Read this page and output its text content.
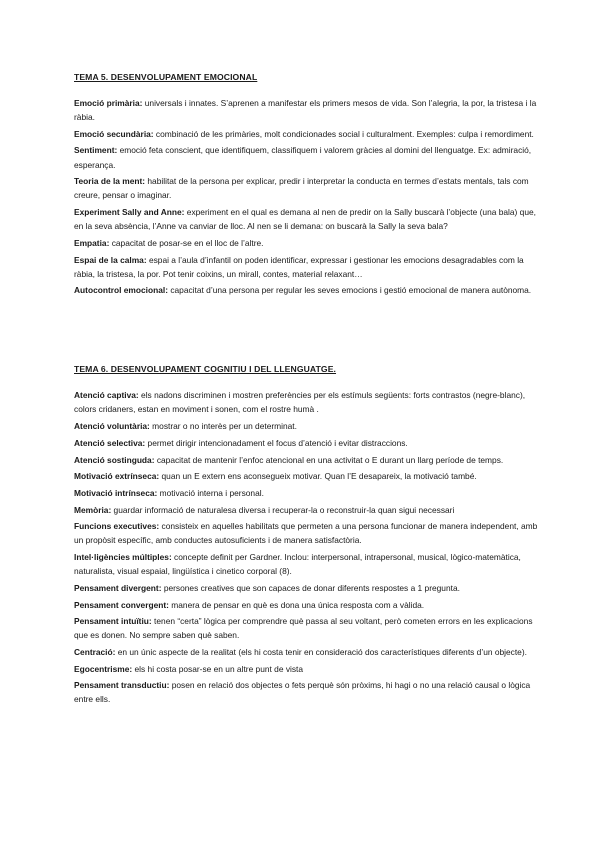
TEMA 5. DESENVOLUPAMENT EMOCIONAL

Emoció primària: universals i innates. S’aprenen a manifestar els primers mesos de vida. Son l’alegria, la por, la tristesa i la ràbia.

Emoció secundària: combinació de les primàries, molt condicionades social i culturalment. Exemples: culpa i remordiment.

Sentiment: emoció feta conscient, que identifiquem, classifiquem i valorem gràcies al domini del llenguatge. Ex: admiració, esperança.

Teoria de la ment: habilitat de la persona per explicar, predir i interpretar la conducta en termes d’estats mentals, tals com creure, pensar o imaginar.

Experiment Sally and Anne: experiment en el qual es demana al nen de predir on la Sally buscarà l’objecte (una bala) que, en la seva absència, l’Anne va canviar de lloc. Al nen se li demana: on buscarà la Sally la seva bala?

Empatia: capacitat de posar-se en el lloc de l’altre.

Espai de la calma: espai a l’aula d’infantil on poden identificar, expressar i gestionar les emocions desagradables com la ràbia, la tristesa, la por. Pot tenir coixins, un mirall, contes, material relaxant…

Autocontrol emocional: capacitat d’una persona per regular les seves emocions i gestió emocional de manera autònoma.

TEMA 6. DESENVOLUPAMENT COGNITIU I DEL LLENGUATGE.

Atenció captiva: els nadons discriminen i mostren preferències per els estímuls següents: forts contrastos (negre-blanc), colors cridaners, estan en moviment i sonen, com el rostre humà .

Atenció voluntària: mostrar o no interès per un determinat.

Atenció selectiva: permet dirigir intencionadament el focus d’atenció i evitar distraccions.

Atenció sostinguda: capacitat de mantenir l’enfoc atencional en una activitat o E durant un llarg període de temps.

Motivació extrínseca: quan un E extern ens aconsegueix motivar. Quan l’E desapareix, la motivació també.

Motivació intrínseca: motivació interna i personal.

Memòria: guardar informació de naturalesa diversa i recuperar-la o reconstruir-la quan sigui necessari

Funcions executives: consisteix en aquelles habilitats que permeten a una persona funcionar de manera independent, amb un propòsit específic, amb conductes autosuficients i de manera satisfactòria.

Intel·ligències múltiples: concepte definit per Gardner. Inclou: interpersonal, intrapersonal, musical, lògico-matemàtica, naturalista, visual espaial, lingüística i cinetico corporal (8).

Pensament divergent: persones creatives que son capaces de donar diferents respostes a 1 pregunta.

Pensament convergent: manera de pensar en què es dona una única resposta com a vàlida.

Pensament intuïtiu: tenen “certa” lògica per comprendre què passa al seu voltant, però cometen errors en les explicacions que es donen. No sempre saben què saben.

Centració: en un únic aspecte de la realitat (els hi costa tenir en consideració dos característiques diferents d’un objecte).

Egocentrisme: els hi costa posar-se en un altre punt de vista

Pensament transductiu: posen en relació dos objectes o fets perquè són pròxims, hi hagi o no una relació causal o lògica entre ells.
